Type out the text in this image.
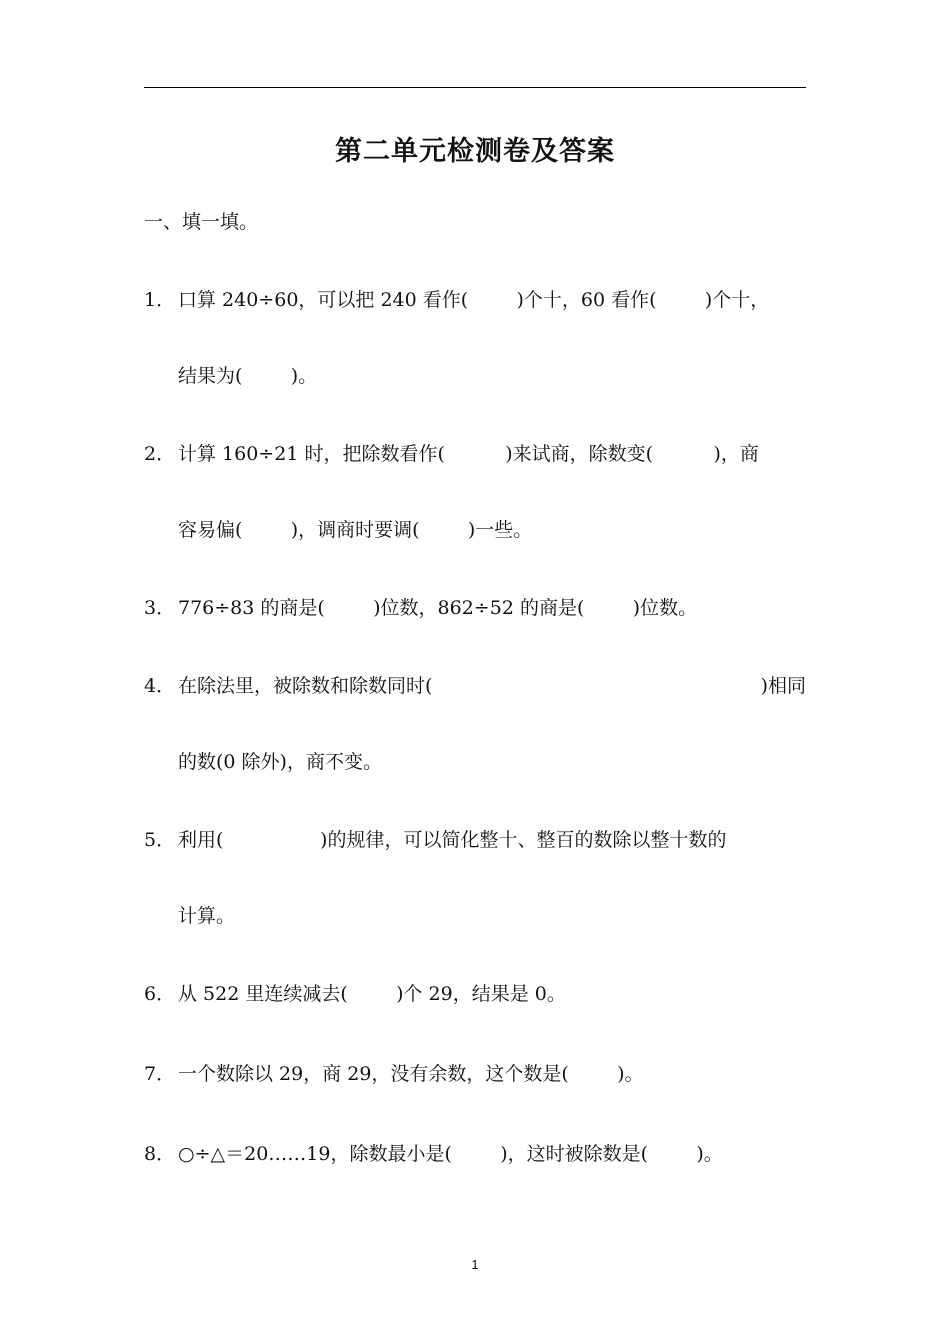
第二单元检测卷及答案
一、填一填。
1． 口算 240÷60，可以把 240 看作(        )个十，60 看作(        )个十，
结果为(        )。
2． 计算 160÷21 时，把除数看作(          )来试商，除数变(          )，商
容易偏(        )，调商时要调(        )一些。
3． 776÷83 的商是(        )位数，862÷52 的商是(        )位数。
4． 在除法里，被除数和除数同时(	)相同
的数(0 除外)，商不变。
5． 利用(                )的规律，可以简化整十、整百的数除以整十数的
计算。
6． 从 522 里连续减去(        )个 29，结果是 0。
7． 一个数除以 29，商 29，没有余数，这个数是(        )。
8． ○÷△＝20……19，除数最小是(        )，这时被除数是(        )。
1
